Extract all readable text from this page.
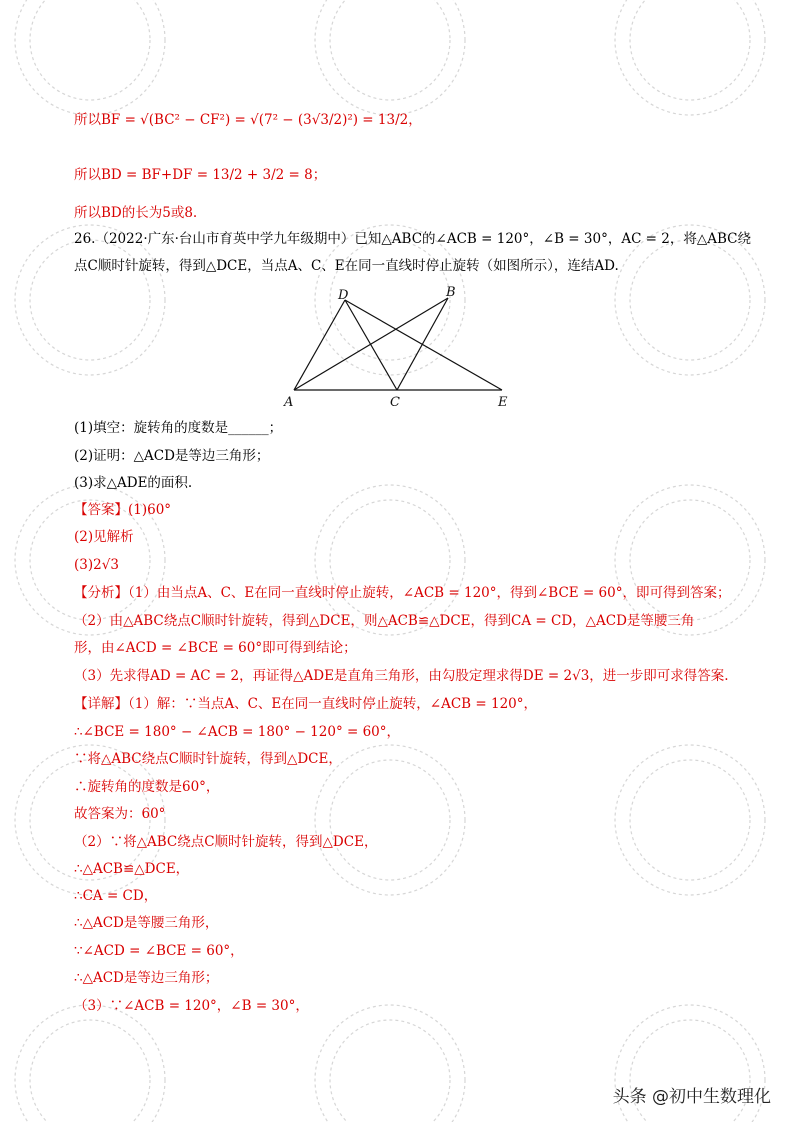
所以BF = √(BC² − CF²) = √(7² − (3√3/2)²) = 13/2，
所以BD = BF+DF = 13/2 + 3/2 = 8；
所以BD的长为5或8.
26.（2022·广东·台山市育英中学九年级期中）已知△ABC的∠ACB = 120°，∠B = 30°，AC = 2，将△ABC绕
点C顺时针旋转，得到△DCE，当点A、C、E在同一直线时停止旋转（如图所示），连结AD.
(1)填空：旋转角的度数是______；
(2)证明：△ACD是等边三角形；
(3)求△ADE的面积.
【答案】(1)60°
(2)见解析
(3)2√3
【分析】（1）由当点A、C、E在同一直线时停止旋转，∠ACB = 120°，得到∠BCE = 60°，即可得到答案；
（2）由△ABC绕点C顺时针旋转，得到△DCE，则△ACB≌△DCE，得到CA = CD，△ACD是等腰三角
形，由∠ACD = ∠BCE = 60°即可得到结论；
（3）先求得AD = AC = 2，再证得△ADE是直角三角形，由勾股定理求得DE = 2√3，进一步即可求得答案.
【详解】（1）解：∵当点A、C、E在同一直线时停止旋转，∠ACB = 120°，
∴∠BCE = 180° − ∠ACB = 180° − 120° = 60°，
∵将△ABC绕点C顺时针旋转，得到△DCE，
∴旋转角的度数是60°，
故答案为：60°
（2）∵将△ABC绕点C顺时针旋转，得到△DCE，
∴△ACB≌△DCE，
∴CA = CD，
∴△ACD是等腰三角形，
∵∠ACD = ∠BCE = 60°，
∴△ACD是等边三角形；
（3）∵∠ACB = 120°，∠B = 30°，
D	B
A	C	E
头条 @初中生数理化
